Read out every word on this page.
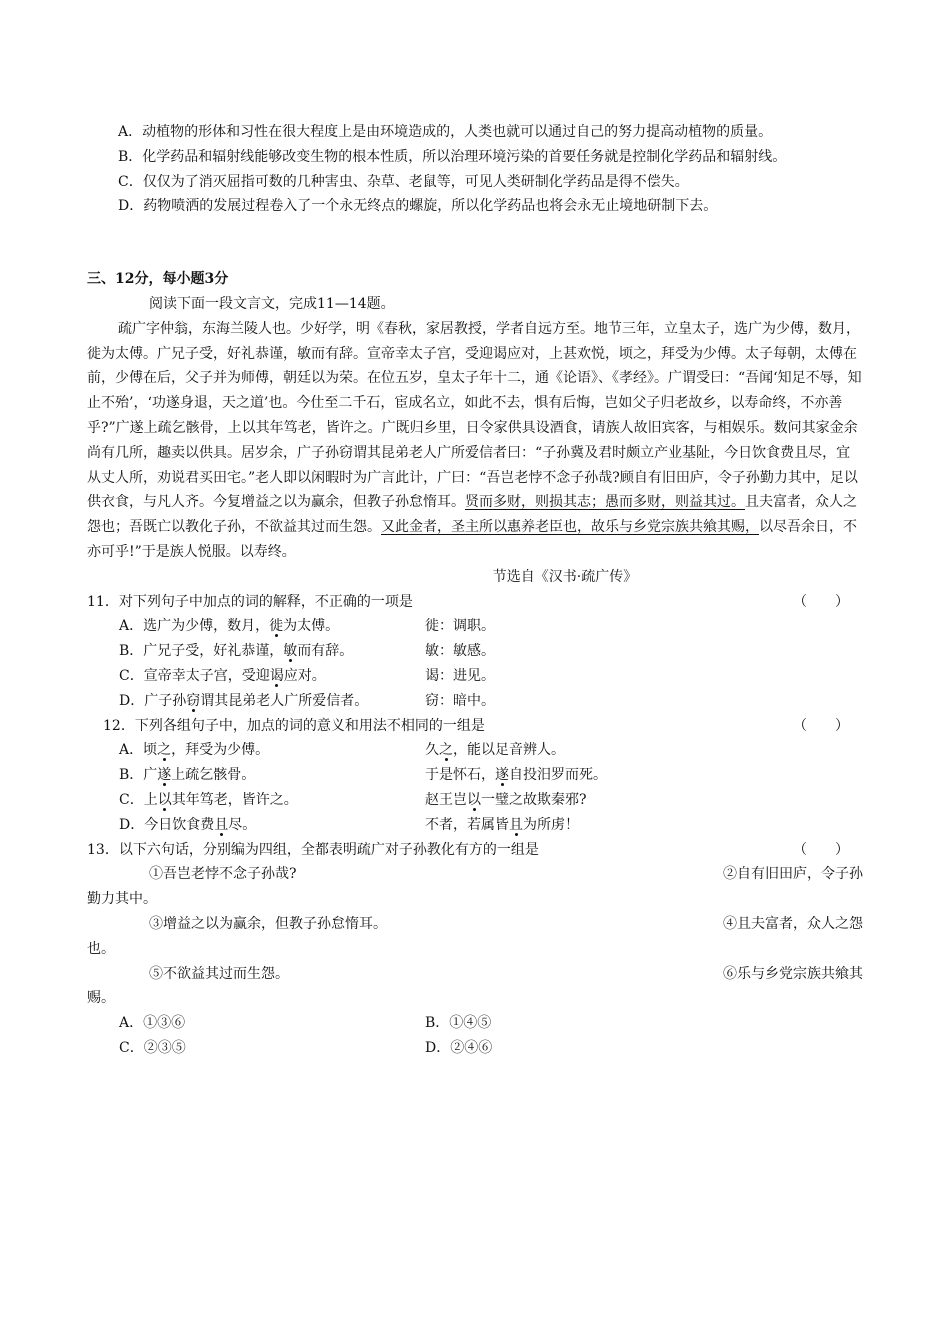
A．动植物的形体和习性在很大程度上是由环境造成的，人类也就可以通过自己的努力提高动植物的质量。

B．化学药品和辐射线能够改变生物的根本性质，所以治理环境污染的首要任务就是控制化学药品和辐射线。

C．仅仅为了消灭屈指可数的几种害虫、杂草、老鼠等，可见人类研制化学药品是得不偿失。

D．药物喷洒的发展过程卷入了一个永无终点的螺旋，所以化学药品也将会永无止境地研制下去。

三、12分，每小题3分

阅读下面一段文言文，完成11—14题。

疏广字仲翁，东海兰陵人也。少好学，明《春秋，家居教授，学者自远方至。地节三年，立皇太子，选广为少傅，数月，徙为太傅。广兄子受，好礼恭谨，敏而有辞。宣帝幸太子宫，受迎谒应对，上甚欢悦，顷之，拜受为少傅。太子每朝，太傅在前，少傅在后，父子并为师傅，朝廷以为荣。在位五岁，皇太子年十二，通《论语》、《孝经》。广谓受曰：“吾闻‘知足不辱，知止不殆’，‘功遂身退，天之道’也。今仕至二千石，宦成名立，如此不去，惧有后悔，岂如父子归老故乡，以寿命终，不亦善乎?”广遂上疏乞骸骨，上以其年笃老，皆许之。广既归乡里，日令家供具设酒食，请族人故旧宾客，与相娱乐。数问其家金余尚有几所，趣卖以供具。居岁余，广子孙窃谓其昆弟老人广所爱信者曰：“子孙冀及君时颇立产业基阯，今日饮食费且尽，宜从丈人所，劝说君买田宅。”老人即以闲暇时为广言此计，广曰：“吾岂老悖不念子孙哉?顾自有旧田庐，令子孙勤力其中，足以供衣食，与凡人齐。今复增益之以为赢余，但教子孙怠惰耳。贤而多财，则损其志；愚而多财，则益其过。且夫富者，众人之怨也；吾既亡以教化子孙，不欲益其过而生怨。又此金者，圣主所以惠养老臣也，故乐与乡党宗族共飨其赐，以尽吾余日，不亦可乎!”于是族人悦服。以寿终。

节选自《汉书·疏广传》

11．对下列句子中加点的词的解释，不正确的一项是	（　　）
A．选广为少傅，数月，徙为太傅。	徙：调职。
B．广兄子受，好礼恭谨，敏而有辞。	敏：敏感。
C．宣帝幸太子宫，受迎谒应对。	谒：进见。
D．广子孙窃谓其昆弟老人广所爱信者。	窃：暗中。
12．下列各组句子中，加点的词的意义和用法不相同的一组是	（　　）
A．顷之，拜受为少傅。	久之，能以足音辨人。
B．广遂上疏乞骸骨。	于是怀石，遂自投汨罗而死。
C．上以其年笃老，皆许之。	赵王岂以一璧之故欺秦邪?
D．今日饮食费且尽。	不者，若属皆且为所虏！
13．以下六句话，分别编为四组，全都表明疏广对子孙教化有方的一组是	（　　）
①吾岂老悖不念子孙哉?	②自有旧田庐，令子孙
勤力其中。
③增益之以为赢余，但教子孙怠惰耳。	④且夫富者，众人之怨
也。
⑤不欲益其过而生怨。	⑥乐与乡党宗族共飨其
赐。
A．①③⑥	B．①④⑤
C．②③⑤	D．②④⑥
